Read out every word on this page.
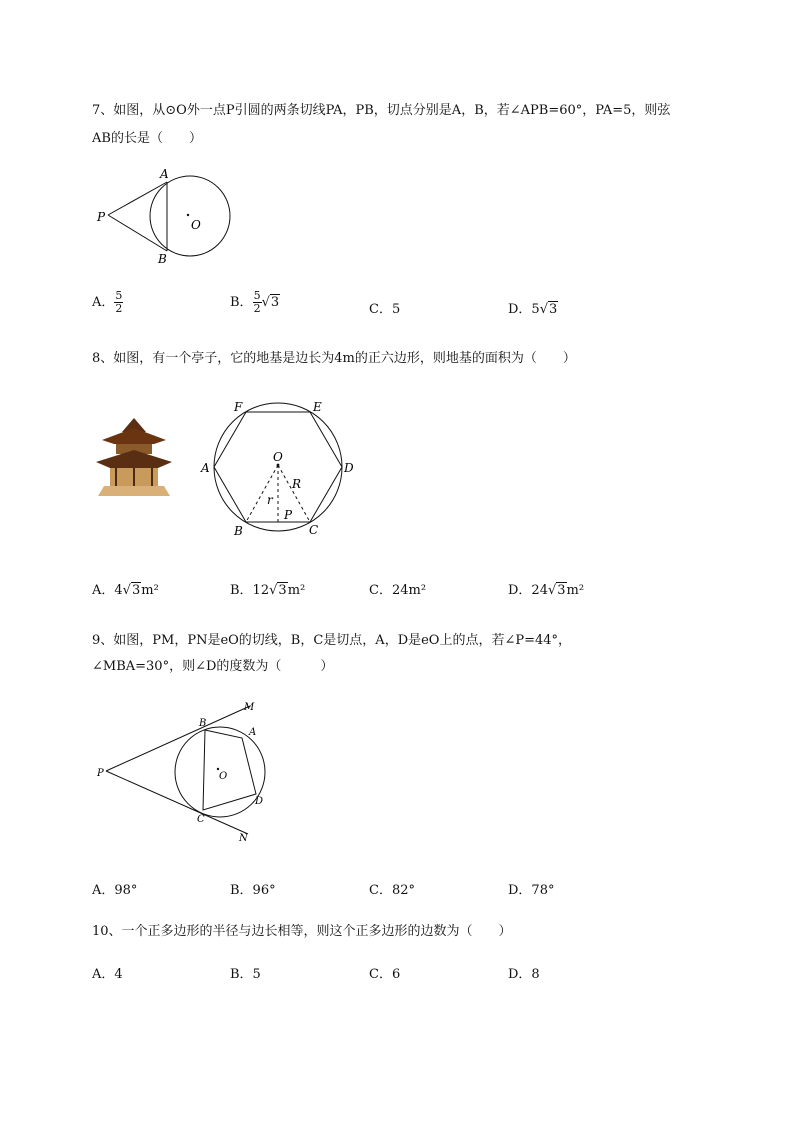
7、如图，从⊙O外一点P引圆的两条切线PA，PB，切点分别是A，B，若∠APB=60°，PA=5，则弦
AB的长是（　　）
A
B
P
O
A． $\frac{5}{2}$	B． $\frac{5}{2} √3$	C．5	D．5√3
8、如图，有一个亭子，它的地基是边长为4m的正六边形，则地基的面积为（　　）
F	E
A	D
O
R
r
P
B	C
A．4√3m²	B．12√3m²	C．24m²	D．24√3m²
9、如图，PM，PN是eO的切线，B，C是切点，A，D是eO上的点，若∠P=44°，
∠MBA=30°，则∠D的度数为（　　　）
M
B
A
P	O
D
C
N
A．98°	B．96°	C．82°	D．78°
10、一个正多边形的半径与边长相等，则这个正多边形的边数为（　　）
A．4	B．5	C．6	D．8
